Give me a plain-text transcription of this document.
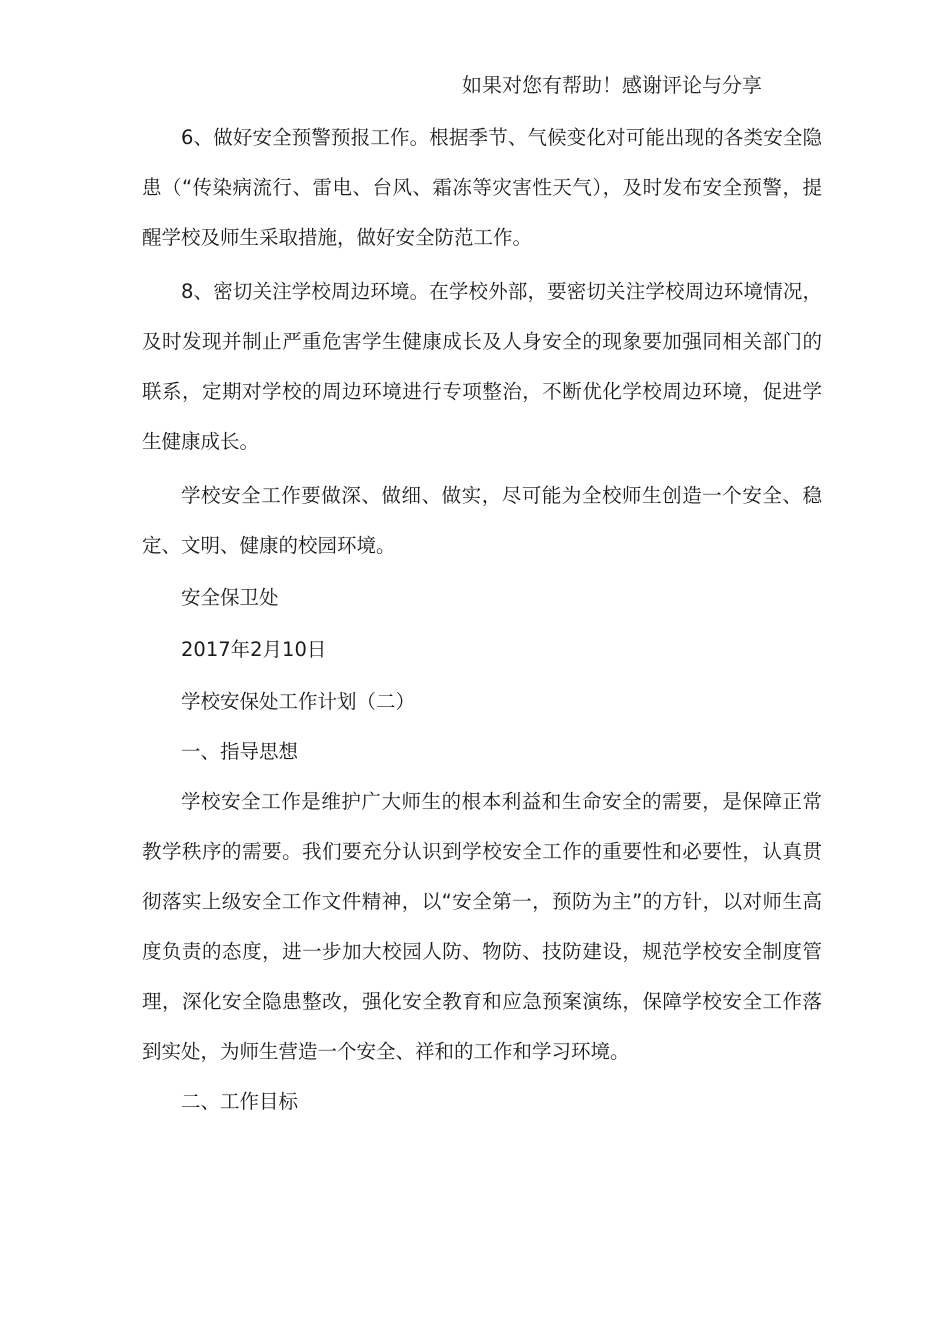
如果对您有帮助！感谢评论与分享

6、做好安全预警预报工作。根据季节、气候变化对可能出现的各类安全隐患（“传染病流行、雷电、台风、霜冻等灾害性天气），及时发布安全预警，提醒学校及师生采取措施，做好安全防范工作。

8、密切关注学校周边环境。在学校外部，要密切关注学校周边环境情况，及时发现并制止严重危害学生健康成长及人身安全的现象要加强同相关部门的联系，定期对学校的周边环境进行专项整治，不断优化学校周边环境，促进学生健康成长。

学校安全工作要做深、做细、做实，尽可能为全校师生创造一个安全、稳定、文明、健康的校园环境。

安全保卫处

2017年2月10日

学校安保处工作计划（二）

一、指导思想

学校安全工作是维护广大师生的根本利益和生命安全的需要，是保障正常教学秩序的需要。我们要充分认识到学校安全工作的重要性和必要性，认真贯彻落实上级安全工作文件精神，以“安全第一，预防为主”的方针，以对师生高度负责的态度，进一步加大校园人防、物防、技防建设，规范学校安全制度管理，深化安全隐患整改，强化安全教育和应急预案演练，保障学校安全工作落到实处，为师生营造一个安全、祥和的工作和学习环境。

二、工作目标
